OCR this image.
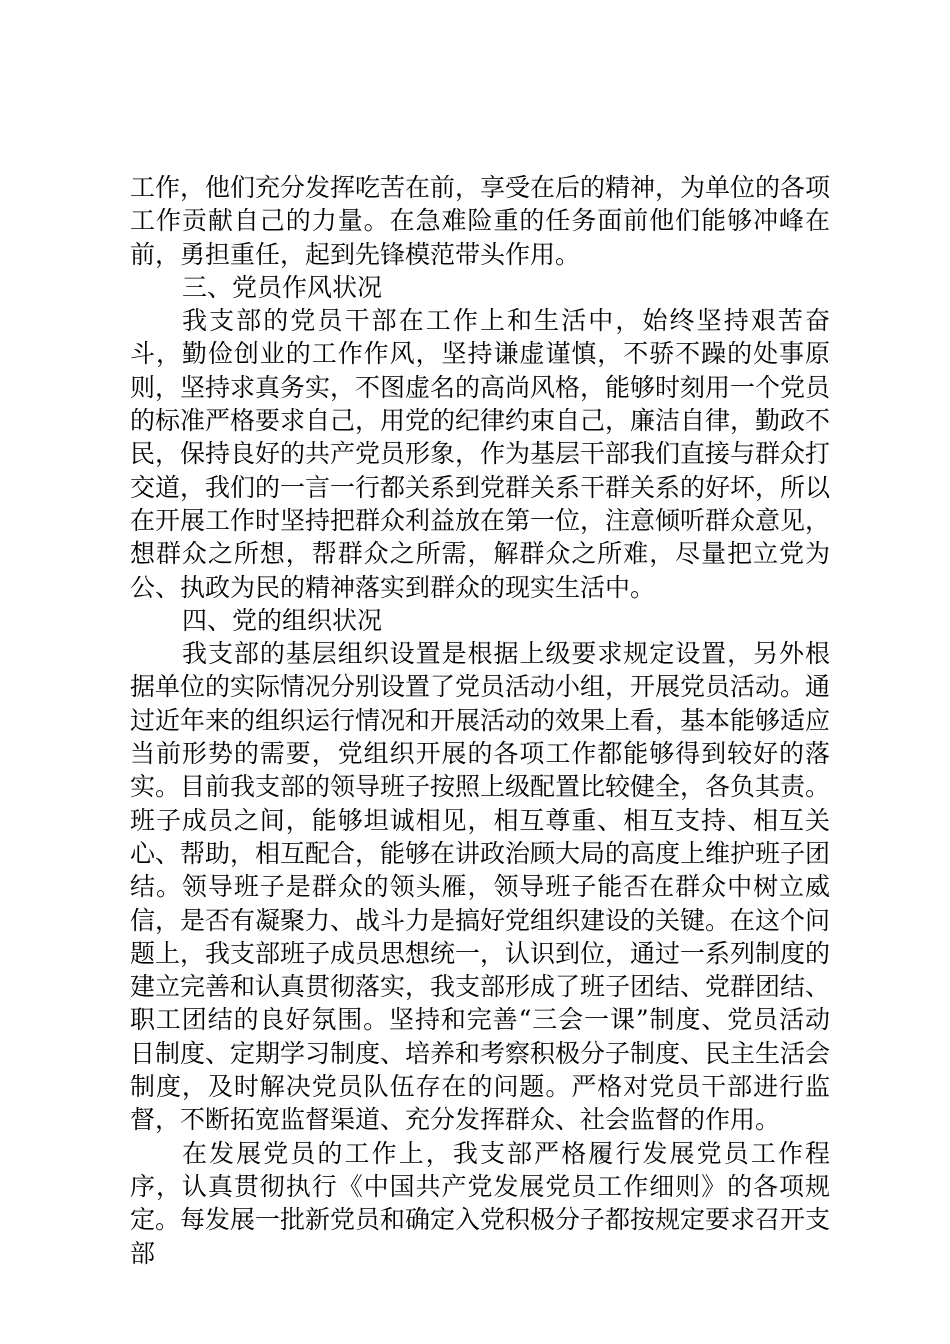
工作，他们充分发挥吃苦在前，享受在后的精神，为单位的各项工作贡献自己的力量。在急难险重的任务面前他们能够冲峰在前，勇担重任，起到先锋模范带头作用。

三、党员作风状况

我支部的党员干部在工作上和生活中，始终坚持艰苦奋斗，勤俭创业的工作作风，坚持谦虚谨慎，不骄不躁的处事原则，坚持求真务实，不图虚名的高尚风格，能够时刻用一个党员的标准严格要求自己，用党的纪律约束自己，廉洁自律，勤政不民，保持良好的共产党员形象，作为基层干部我们直接与群众打交道，我们的一言一行都关系到党群关系干群关系的好坏，所以在开展工作时坚持把群众利益放在第一位，注意倾听群众意见，想群众之所想，帮群众之所需，解群众之所难，尽量把立党为公、执政为民的精神落实到群众的现实生活中。

四、党的组织状况

我支部的基层组织设置是根据上级要求规定设置，另外根据单位的实际情况分别设置了党员活动小组，开展党员活动。通过近年来的组织运行情况和开展活动的效果上看，基本能够适应当前形势的需要，党组织开展的各项工作都能够得到较好的落实。目前我支部的领导班子按照上级配置比较健全，各负其责。班子成员之间，能够坦诚相见，相互尊重、相互支持、相互关心、帮助，相互配合，能够在讲政治顾大局的高度上维护班子团结。领导班子是群众的领头雁，领导班子能否在群众中树立威信，是否有凝聚力、战斗力是搞好党组织建设的关键。在这个问题上，我支部班子成员思想统一，认识到位，通过一系列制度的建立完善和认真贯彻落实，我支部形成了班子团结、党群团结、职工团结的良好氛围。坚持和完善“三会一课”制度、党员活动日制度、定期学习制度、培养和考察积极分子制度、民主生活会制度，及时解决党员队伍存在的问题。严格对党员干部进行监督，不断拓宽监督渠道、充分发挥群众、社会监督的作用。

在发展党员的工作上，我支部严格履行发展党员工作程序，认真贯彻执行《中国共产党发展党员工作细则》的各项规定。每发展一批新党员和确定入党积极分子都按规定要求召开支部
